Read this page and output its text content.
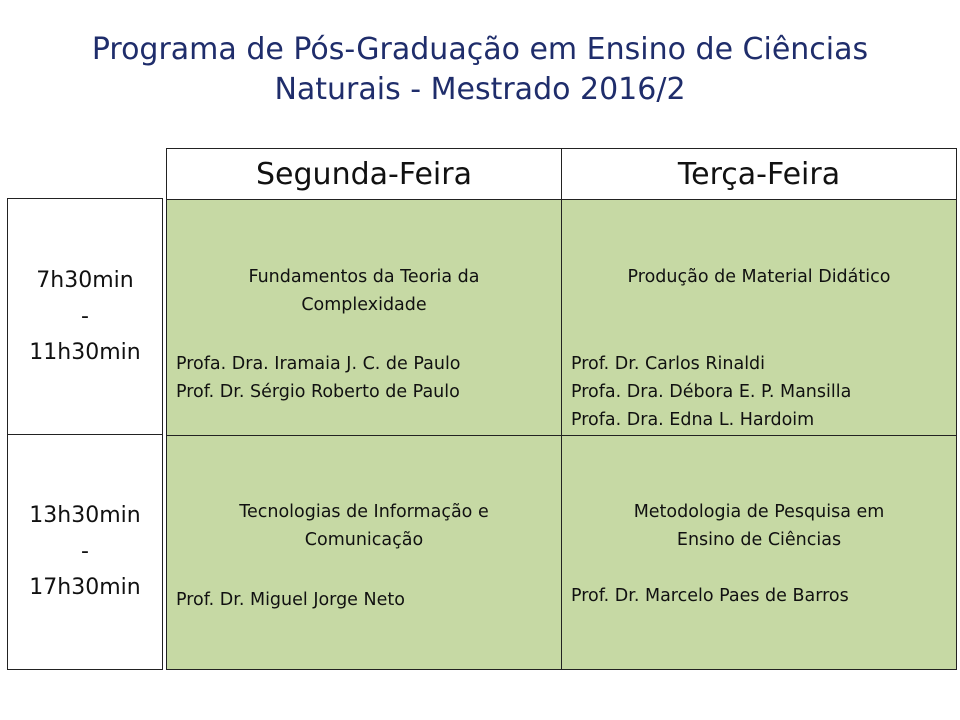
Programa de Pós-Graduação em Ensino de Ciências
Naturais - Mestrado 2016/2
Segunda-Feira	Terça-Feira
7h30min
-
11h30min
13h30min
-
17h30min
Fundamentos da Teoria da
Complexidade
Profa. Dra. Iramaia J. C. de Paulo
Prof. Dr. Sérgio Roberto de Paulo
Produção de Material Didático
Prof. Dr. Carlos Rinaldi
Profa. Dra. Débora E. P. Mansilla
Profa. Dra. Edna L. Hardoim
Tecnologias de Informação e
Comunicação
Prof. Dr. Miguel Jorge Neto
Metodologia de Pesquisa em
Ensino de Ciências
Prof. Dr. Marcelo Paes de Barros
